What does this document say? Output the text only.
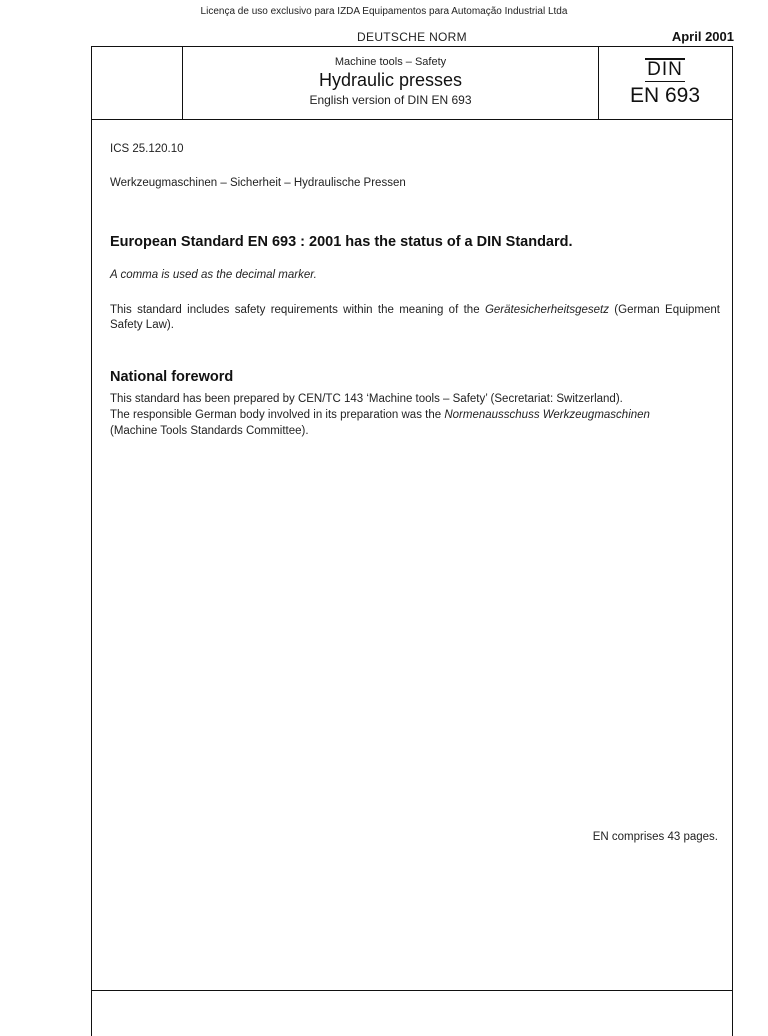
Licença de uso exclusivo para IZDA Equipamentos para Automação Industrial Ltda
DEUTSCHE NORM	April 2001
Machine tools – Safety
Hydraulic presses
English version of DIN EN 693
DIN
EN 693
ICS 25.120.10
Werkzeugmaschinen – Sicherheit – Hydraulische Pressen
European Standard EN 693 : 2001 has the status of a DIN Standard.
A comma is used as the decimal marker.
This standard includes safety requirements within the meaning of the Gerätesicherheitsgesetz (German Equipment Safety Law).
National foreword
This standard has been prepared by CEN/TC 143 ‘Machine tools – Safety’ (Secretariat: Switzerland).
The responsible German body involved in its preparation was the Normenausschuss Werkzeugmaschinen
(Machine Tools Standards Committee).
EN comprises 43 pages.
